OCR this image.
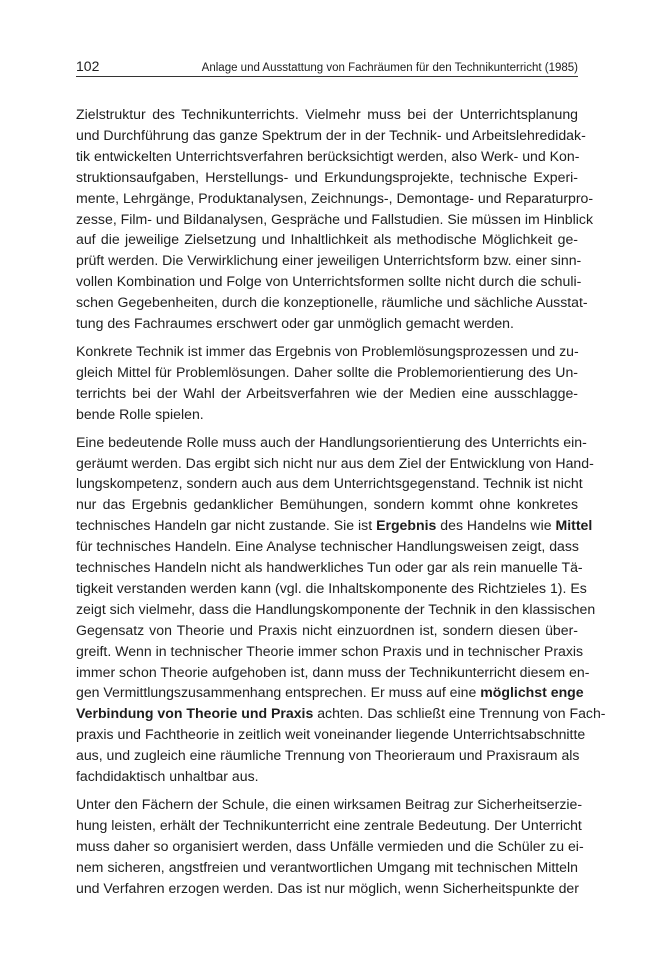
102	Anlage und Ausstattung von Fachräumen für den Technikunterricht (1985)

Zielstruktur des Technikunterrichts. Vielmehr muss bei der Unterrichtsplanung
und Durchführung das ganze Spektrum der in der Technik- und Arbeitslehredidak-
tik entwickelten Unterrichtsverfahren berücksichtigt werden, also Werk- und Kon-
struktionsaufgaben, Herstellungs- und Erkundungsprojekte, technische Experi-
mente, Lehrgänge, Produktanalysen, Zeichnungs-, Demontage- und Reparaturpro-
zesse, Film- und Bildanalysen, Gespräche und Fallstudien. Sie müssen im Hinblick
auf die jeweilige Zielsetzung und Inhaltlichkeit als methodische Möglichkeit ge-
prüft werden. Die Verwirklichung einer jeweiligen Unterrichtsform bzw. einer sinn-
vollen Kombination und Folge von Unterrichtsformen sollte nicht durch die schuli-
schen Gegebenheiten, durch die konzeptionelle, räumliche und sächliche Ausstat-
tung des Fachraumes erschwert oder gar unmöglich gemacht werden.

Konkrete Technik ist immer das Ergebnis von Problemlösungsprozessen und zu-
gleich Mittel für Problemlösungen. Daher sollte die Problemorientierung des Un-
terrichts bei der Wahl der Arbeitsverfahren wie der Medien eine ausschlagge-
bende Rolle spielen.

Eine bedeutende Rolle muss auch der Handlungsorientierung des Unterrichts ein-
geräumt werden. Das ergibt sich nicht nur aus dem Ziel der Entwicklung von Hand-
lungskompetenz, sondern auch aus dem Unterrichtsgegenstand. Technik ist nicht
nur das Ergebnis gedanklicher Bemühungen, sondern kommt ohne konkretes
technisches Handeln gar nicht zustande. Sie ist Ergebnis des Handelns wie Mittel
für technisches Handeln. Eine Analyse technischer Handlungsweisen zeigt, dass
technisches Handeln nicht als handwerkliches Tun oder gar als rein manuelle Tä-
tigkeit verstanden werden kann (vgl. die Inhaltskomponente des Richtzieles 1). Es
zeigt sich vielmehr, dass die Handlungskomponente der Technik in den klassischen
Gegensatz von Theorie und Praxis nicht einzuordnen ist, sondern diesen über-
greift. Wenn in technischer Theorie immer schon Praxis und in technischer Praxis
immer schon Theorie aufgehoben ist, dann muss der Technikunterricht diesem en-
gen Vermittlungszusammenhang entsprechen. Er muss auf eine möglichst enge
Verbindung von Theorie und Praxis achten. Das schließt eine Trennung von Fach-
praxis und Fachtheorie in zeitlich weit voneinander liegende Unterrichtsabschnitte
aus, und zugleich eine räumliche Trennung von Theorieraum und Praxisraum als
fachdidaktisch unhaltbar aus.

Unter den Fächern der Schule, die einen wirksamen Beitrag zur Sicherheitserzie-
hung leisten, erhält der Technikunterricht eine zentrale Bedeutung. Der Unterricht
muss daher so organisiert werden, dass Unfälle vermieden und die Schüler zu ei-
nem sicheren, angstfreien und verantwortlichen Umgang mit technischen Mitteln
und Verfahren erzogen werden. Das ist nur möglich, wenn Sicherheitspunkte der
